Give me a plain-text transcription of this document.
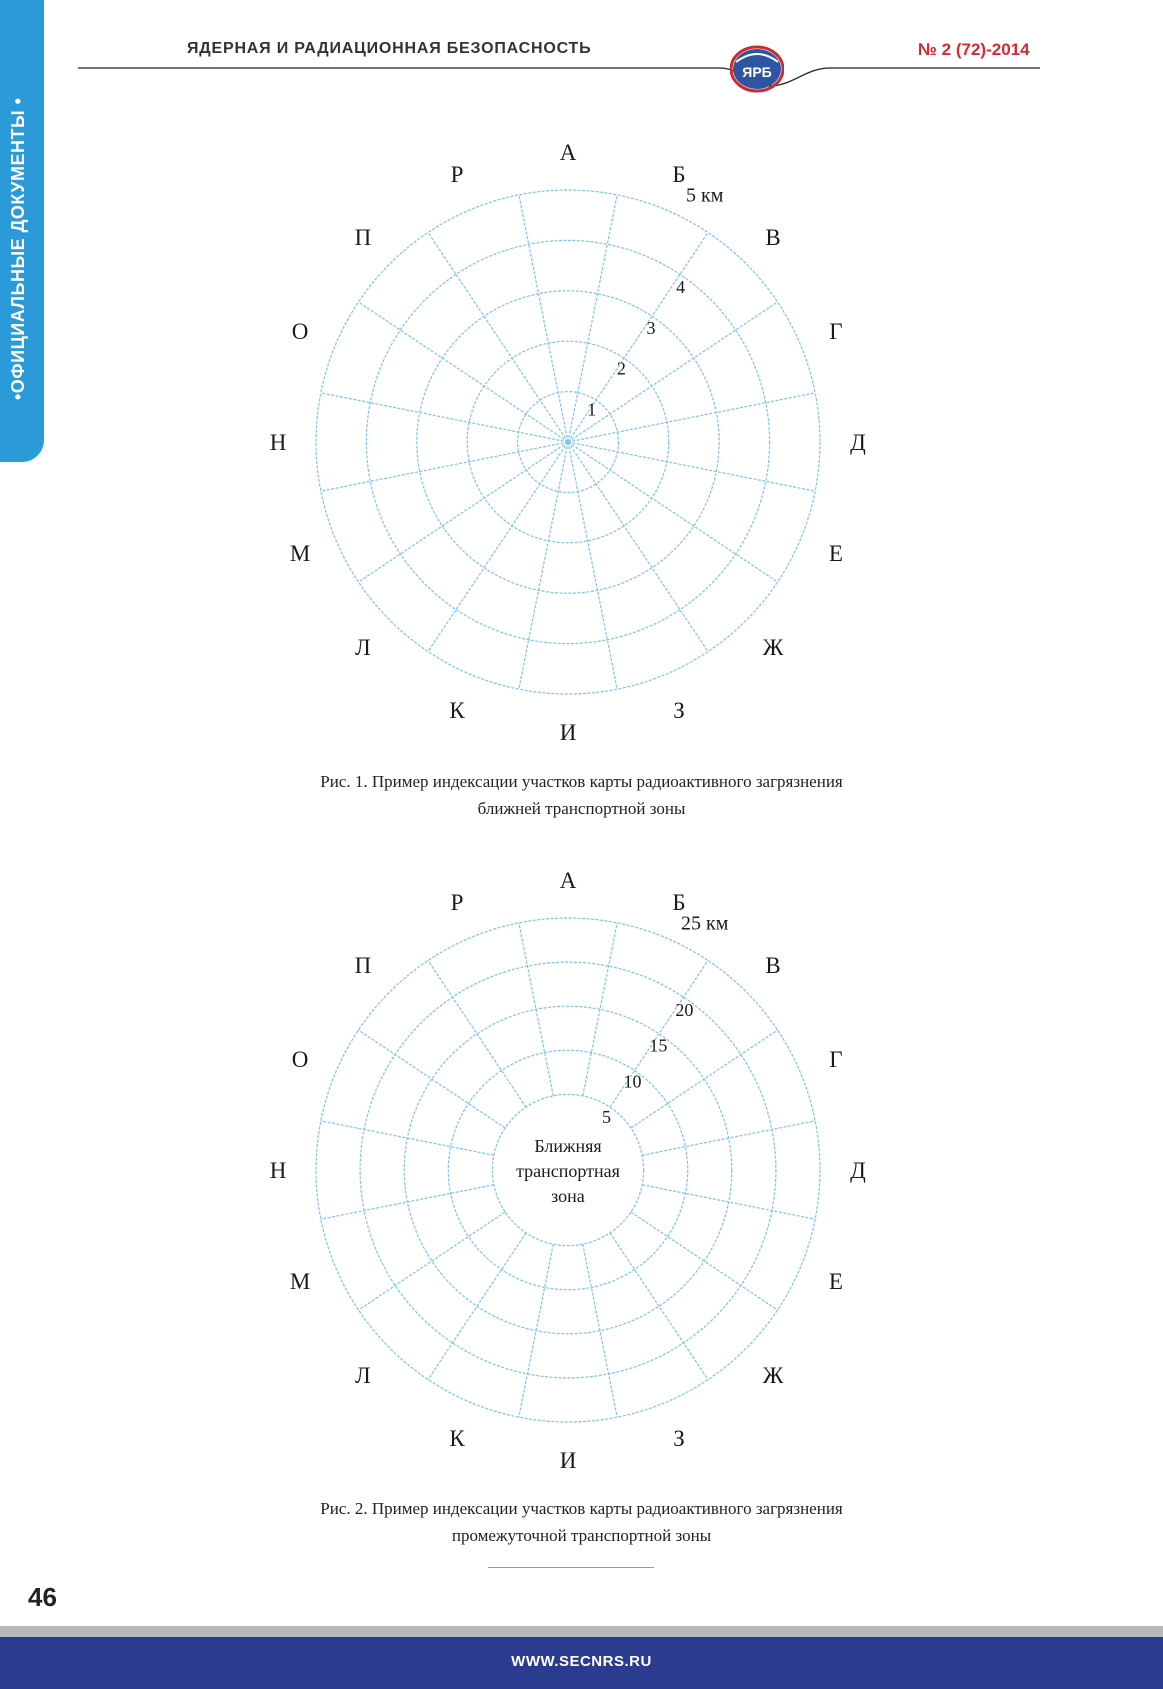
•ОФИЦИАЛЬНЫЕ ДОКУМЕНТЫ •
ЯДЕРНАЯ И РАДИАЦИОННАЯ БЕЗОПАСНОСТЬ
ЯРБ
№ 2 (72)-2014
А
Б
В
Г
Д
Е
Ж
З
И
К
Л
М
Н
О
П
Р
1
2
3
4
5 км
А
Б
В
Г
Д
Е
Ж
З
И
К
Л
М
Н
О
П
Р
5
10
15
20
25 км
Ближняя
транспортная
зона
Рис. 1. Пример индексации участков карты радиоактивного загрязнения
ближней транспортной зоны
Рис. 2. Пример индексации участков карты радиоактивного загрязнения
промежуточной транспортной зоны
46
WWW.SECNRS.RU
